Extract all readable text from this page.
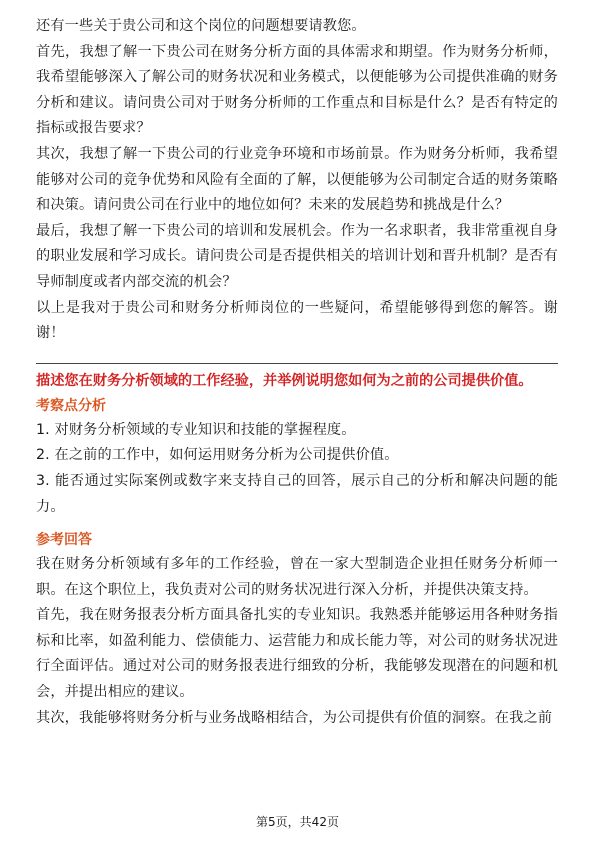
还有一些关于贵公司和这个岗位的问题想要请教您。

首先，我想了解一下贵公司在财务分析方面的具体需求和期望。作为财务分析师，我希望能够深入了解公司的财务状况和业务模式，以便能够为公司提供准确的财务分析和建议。请问贵公司对于财务分析师的工作重点和目标是什么？是否有特定的指标或报告要求？

其次，我想了解一下贵公司的行业竞争环境和市场前景。作为财务分析师，我希望能够对公司的竞争优势和风险有全面的了解，以便能够为公司制定合适的财务策略和决策。请问贵公司在行业中的地位如何？未来的发展趋势和挑战是什么？

最后，我想了解一下贵公司的培训和发展机会。作为一名求职者，我非常重视自身的职业发展和学习成长。请问贵公司是否提供相关的培训计划和晋升机制？是否有导师制度或者内部交流的机会？

以上是我对于贵公司和财务分析师岗位的一些疑问，希望能够得到您的解答。谢谢！

描述您在财务分析领域的工作经验，并举例说明您如何为之前的公司提供价值。
考察点分析

1. 对财务分析领域的专业知识和技能的掌握程度。

2. 在之前的工作中，如何运用财务分析为公司提供价值。

3. 能否通过实际案例或数字来支持自己的回答，展示自己的分析和解决问题的能力。

参考回答

我在财务分析领域有多年的工作经验，曾在一家大型制造企业担任财务分析师一职。在这个职位上，我负责对公司的财务状况进行深入分析，并提供决策支持。

首先，我在财务报表分析方面具备扎实的专业知识。我熟悉并能够运用各种财务指标和比率，如盈利能力、偿债能力、运营能力和成长能力等，对公司的财务状况进行全面评估。通过对公司的财务报表进行细致的分析，我能够发现潜在的问题和机会，并提出相应的建议。

其次，我能够将财务分析与业务战略相结合，为公司提供有价值的洞察。在我之前

第5页，共42页
